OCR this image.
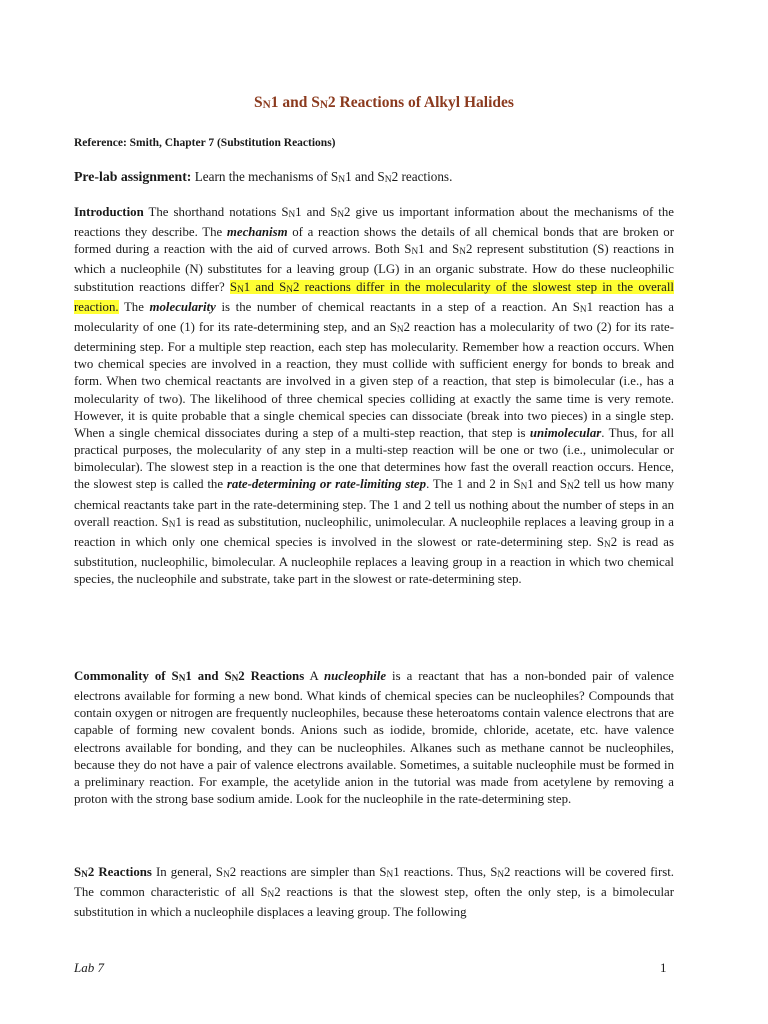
SN1 and SN2 Reactions of Alkyl Halides
Reference: Smith, Chapter 7 (Substitution Reactions)
Pre-lab assignment: Learn the mechanisms of SN1 and SN2 reactions.
Introduction The shorthand notations SN1 and SN2 give us important information about the mechanisms of the reactions they describe. The mechanism of a reaction shows the details of all chemical bonds that are broken or formed during a reaction with the aid of curved arrows. Both SN1 and SN2 represent substitution (S) reactions in which a nucleophile (N) substitutes for a leaving group (LG) in an organic substrate. How do these nucleophilic substitution reactions differ? SN1 and SN2 reactions differ in the molecularity of the slowest step in the overall reaction. The molecularity is the number of chemical reactants in a step of a reaction. An SN1 reaction has a molecularity of one (1) for its rate-determining step, and an SN2 reaction has a molecularity of two (2) for its rate-determining step. For a multiple step reaction, each step has molecularity. Remember how a reaction occurs. When two chemical species are involved in a reaction, they must collide with sufficient energy for bonds to break and form. When two chemical reactants are involved in a given step of a reaction, that step is bimolecular (i.e., has a molecularity of two). The likelihood of three chemical species colliding at exactly the same time is very remote. However, it is quite probable that a single chemical species can dissociate (break into two pieces) in a single step. When a single chemical dissociates during a step of a multi-step reaction, that step is unimolecular. Thus, for all practical purposes, the molecularity of any step in a multi-step reaction will be one or two (i.e., unimolecular or bimolecular). The slowest step in a reaction is the one that determines how fast the overall reaction occurs. Hence, the slowest step is called the rate-determining or rate-limiting step. The 1 and 2 in SN1 and SN2 tell us how many chemical reactants take part in the rate-determining step. The 1 and 2 tell us nothing about the number of steps in an overall reaction. SN1 is read as substitution, nucleophilic, unimolecular. A nucleophile replaces a leaving group in a reaction in which only one chemical species is involved in the slowest or rate-determining step. SN2 is read as substitution, nucleophilic, bimolecular. A nucleophile replaces a leaving group in a reaction in which two chemical species, the nucleophile and substrate, take part in the slowest or rate-determining step.
Commonality of SN1 and SN2 Reactions A nucleophile is a reactant that has a non-bonded pair of valence electrons available for forming a new bond. What kinds of chemical species can be nucleophiles? Compounds that contain oxygen or nitrogen are frequently nucleophiles, because these heteroatoms contain valence electrons that are capable of forming new covalent bonds. Anions such as iodide, bromide, chloride, acetate, etc. have valence electrons available for bonding, and they can be nucleophiles. Alkanes such as methane cannot be nucleophiles, because they do not have a pair of valence electrons available. Sometimes, a suitable nucleophile must be formed in a preliminary reaction. For example, the acetylide anion in the tutorial was made from acetylene by removing a proton with the strong base sodium amide. Look for the nucleophile in the rate-determining step.
SN2 Reactions In general, SN2 reactions are simpler than SN1 reactions. Thus, SN2 reactions will be covered first. The common characteristic of all SN2 reactions is that the slowest step, often the only step, is a bimolecular substitution in which a nucleophile displaces a leaving group. The following
Lab 7	1
